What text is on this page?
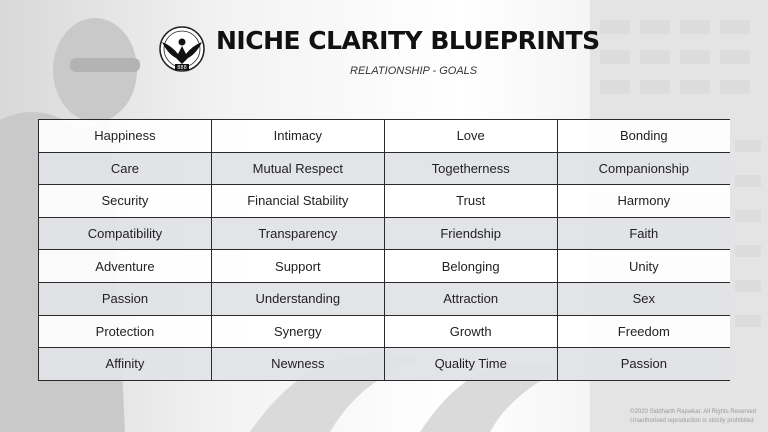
888
NICHE CLARITY BLUEPRINTS
RELATIONSHIP - GOALS
Happiness	Intimacy	Love	Bonding
Care	Mutual Respect	Togetherness	Companionship
Security	Financial Stability	Trust	Harmony
Compatibility	Transparency	Friendship	Faith
Adventure	Support	Belonging	Unity
Passion	Understanding	Attraction	Sex
Protection	Synergy	Growth	Freedom
Affinity	Newness	Quality Time	Passion
©2020 Siddharth Rajsekar. All Rights Reserved
Unauthorised reproduction is strictly prohibited
